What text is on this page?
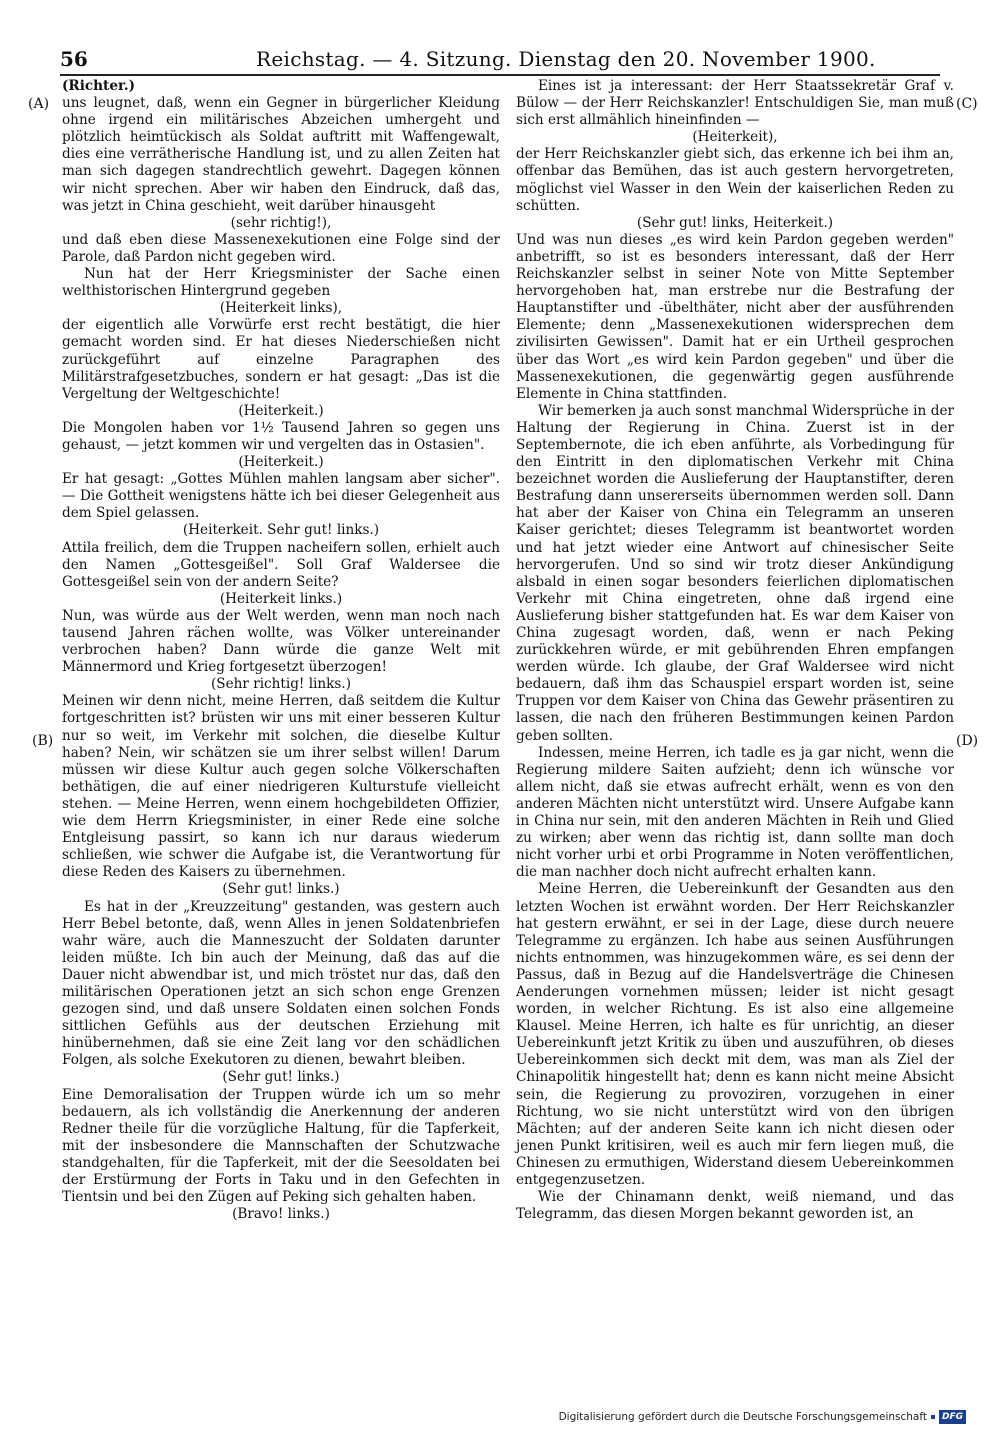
56	Reichstag. — 4. Sitzung. Dienstag den 20. November 1900.
(A)
(B)
(C)
(D)

(Richter.)

uns leugnet, daß, wenn ein Gegner in bürgerlicher Kleidung ohne irgend ein militärisches Abzeichen umhergeht und plötzlich heimtückisch als Soldat auftritt mit Waffengewalt, dies eine verrätherische Handlung ist, und zu allen Zeiten hat man sich dagegen standrechtlich gewehrt. Dagegen können wir nicht sprechen. Aber wir haben den Eindruck, daß das, was jetzt in China geschieht, weit darüber hinausgeht

(sehr richtig!),

und daß eben diese Massenexekutionen eine Folge sind der Parole, daß Pardon nicht gegeben wird.

Nun hat der Herr Kriegsminister der Sache einen welthistorischen Hintergrund gegeben

(Heiterkeit links),

der eigentlich alle Vorwürfe erst recht bestätigt, die hier gemacht worden sind. Er hat dieses Niederschießen nicht zurückgeführt auf einzelne Paragraphen des Militärstrafgesetzbuches, sondern er hat gesagt: „Das ist die Vergeltung der Weltgeschichte!

(Heiterkeit.)

Die Mongolen haben vor 1½ Tausend Jahren so gegen uns gehaust, — jetzt kommen wir und vergelten das in Ostasien".

(Heiterkeit.)

Er hat gesagt: „Gottes Mühlen mahlen langsam aber sicher". — Die Gottheit wenigstens hätte ich bei dieser Gelegenheit aus dem Spiel gelassen.

(Heiterkeit. Sehr gut! links.)

Attila freilich, dem die Truppen nacheifern sollen, erhielt auch den Namen „Gottesgeißel". Soll Graf Waldersee die Gottesgeißel sein von der andern Seite?

(Heiterkeit links.)

Nun, was würde aus der Welt werden, wenn man noch nach tausend Jahren rächen wollte, was Völker untereinander verbrochen haben? Dann würde die ganze Welt mit Männermord und Krieg fortgesetzt überzogen!

(Sehr richtig! links.)

Meinen wir denn nicht, meine Herren, daß seitdem die Kultur fortgeschritten ist? brüsten wir uns mit einer besseren Kultur nur so weit, im Verkehr mit solchen, die dieselbe Kultur haben? Nein, wir schätzen sie um ihrer selbst willen! Darum müssen wir diese Kultur auch gegen solche Völkerschaften bethätigen, die auf einer niedrigeren Kulturstufe vielleicht stehen. — Meine Herren, wenn einem hochgebildeten Offizier, wie dem Herrn Kriegsminister, in einer Rede eine solche Entgleisung passirt, so kann ich nur daraus wiederum schließen, wie schwer die Aufgabe ist, die Verantwortung für diese Reden des Kaisers zu übernehmen.

(Sehr gut! links.)

Es hat in der „Kreuzzeitung" gestanden, was gestern auch Herr Bebel betonte, daß, wenn Alles in jenen Soldatenbriefen wahr wäre, auch die Manneszucht der Soldaten darunter leiden müßte. Ich bin auch der Meinung, daß das auf die Dauer nicht abwendbar ist, und mich tröstet nur das, daß den militärischen Operationen jetzt an sich schon enge Grenzen gezogen sind, und daß unsere Soldaten einen solchen Fonds sittlichen Gefühls aus der deutschen Erziehung mit hinübernehmen, daß sie eine Zeit lang vor den schädlichen Folgen, als solche Exekutoren zu dienen, bewahrt bleiben.

(Sehr gut! links.)

Eine Demoralisation der Truppen würde ich um so mehr bedauern, als ich vollständig die Anerkennung der anderen Redner theile für die vorzügliche Haltung, für die Tapferkeit, mit der insbesondere die Mannschaften der Schutzwache standgehalten, für die Tapferkeit, mit der die Seesoldaten bei der Erstürmung der Forts in Taku und in den Gefechten in Tientsin und bei den Zügen auf Peking sich gehalten haben.

(Bravo! links.)

Eines ist ja interessant: der Herr Staatssekretär Graf v. Bülow — der Herr Reichskanzler! Entschuldigen Sie, man muß sich erst allmählich hineinfinden —

(Heiterkeit),

der Herr Reichskanzler giebt sich, das erkenne ich bei ihm an, offenbar das Bemühen, das ist auch gestern hervorgetreten, möglichst viel Wasser in den Wein der kaiserlichen Reden zu schütten.

(Sehr gut! links, Heiterkeit.)

Und was nun dieses „es wird kein Pardon gegeben werden" anbetrifft, so ist es besonders interessant, daß der Herr Reichskanzler selbst in seiner Note von Mitte September hervorgehoben hat, man erstrebe nur die Bestrafung der Hauptanstifter und -übelthäter, nicht aber der ausführenden Elemente; denn „Massenexekutionen widersprechen dem zivilisirten Gewissen". Damit hat er ein Urtheil gesprochen über das Wort „es wird kein Pardon gegeben" und über die Massenexekutionen, die gegenwärtig gegen ausführende Elemente in China stattfinden.

Wir bemerken ja auch sonst manchmal Widersprüche in der Haltung der Regierung in China. Zuerst ist in der Septembernote, die ich eben anführte, als Vorbedingung für den Eintritt in den diplomatischen Verkehr mit China bezeichnet worden die Auslieferung der Hauptanstifter, deren Bestrafung dann unsererseits übernommen werden soll. Dann hat aber der Kaiser von China ein Telegramm an unseren Kaiser gerichtet; dieses Telegramm ist beantwortet worden und hat jetzt wieder eine Antwort auf chinesischer Seite hervorgerufen. Und so sind wir trotz dieser Ankündigung alsbald in einen sogar besonders feierlichen diplomatischen Verkehr mit China eingetreten, ohne daß irgend eine Auslieferung bisher stattgefunden hat. Es war dem Kaiser von China zugesagt worden, daß, wenn er nach Peking zurückkehren würde, er mit gebührenden Ehren empfangen werden würde. Ich glaube, der Graf Waldersee wird nicht bedauern, daß ihm das Schauspiel erspart worden ist, seine Truppen vor dem Kaiser von China das Gewehr präsentiren zu lassen, die nach den früheren Bestimmungen keinen Pardon geben sollten.

Indessen, meine Herren, ich tadle es ja gar nicht, wenn die Regierung mildere Saiten aufzieht; denn ich wünsche vor allem nicht, daß sie etwas aufrecht erhält, wenn es von den anderen Mächten nicht unterstützt wird. Unsere Aufgabe kann in China nur sein, mit den anderen Mächten in Reih und Glied zu wirken; aber wenn das richtig ist, dann sollte man doch nicht vorher urbi et orbi Programme in Noten veröffentlichen, die man nachher doch nicht aufrecht erhalten kann.

Meine Herren, die Uebereinkunft der Gesandten aus den letzten Wochen ist erwähnt worden. Der Herr Reichskanzler hat gestern erwähnt, er sei in der Lage, diese durch neuere Telegramme zu ergänzen. Ich habe aus seinen Ausführungen nichts entnommen, was hinzugekommen wäre, es sei denn der Passus, daß in Bezug auf die Handelsverträge die Chinesen Aenderungen vornehmen müssen; leider ist nicht gesagt worden, in welcher Richtung. Es ist also eine allgemeine Klausel. Meine Herren, ich halte es für unrichtig, an dieser Uebereinkunft jetzt Kritik zu üben und auszuführen, ob dieses Uebereinkommen sich deckt mit dem, was man als Ziel der Chinapolitik hingestellt hat; denn es kann nicht meine Absicht sein, die Regierung zu provoziren, vorzugehen in einer Richtung, wo sie nicht unterstützt wird von den übrigen Mächten; auf der anderen Seite kann ich nicht diesen oder jenen Punkt kritisiren, weil es auch mir fern liegen muß, die Chinesen zu ermuthigen, Widerstand diesem Uebereinkommen entgegenzusetzen.

Wie der Chinamann denkt, weiß niemand, und das Telegramm, das diesen Morgen bekannt geworden ist, an

Digitalisierung gefördert durch die Deutsche Forschungsgemeinschaft	DFG
